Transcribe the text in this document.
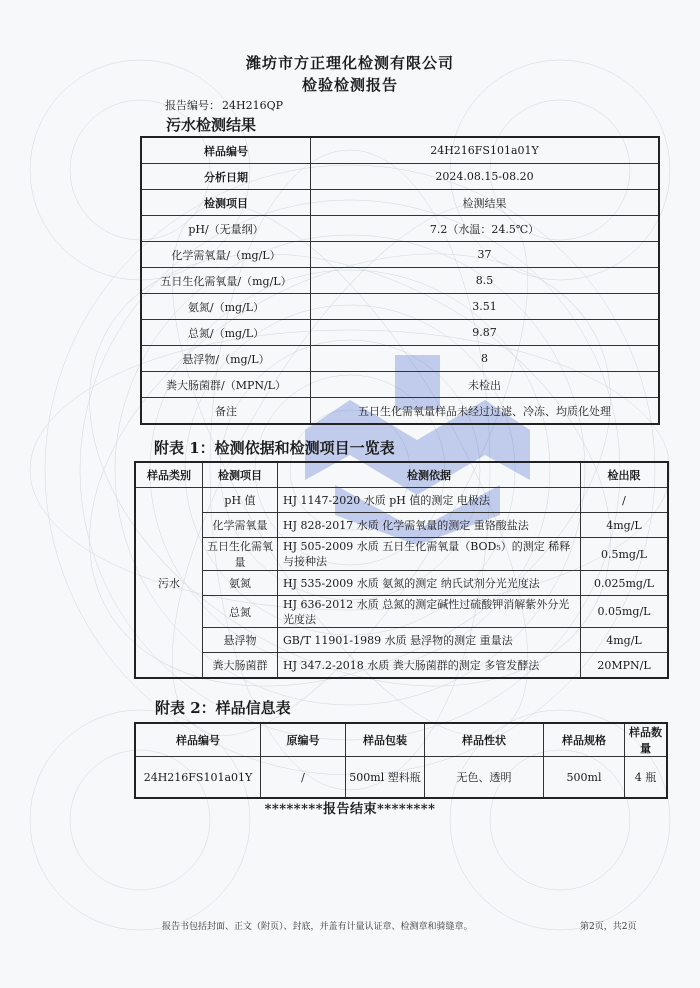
潍坊市方正理化检测有限公司
检验检测报告
报告编号： 24H216QP
污水检测结果
样品编号	24H216FS101a01Y
分析日期	2024.08.15-08.20
检测项目	检测结果
pH/（无量纲）	7.2（水温：24.5℃）
化学需氧量/（mg/L）	37
五日生化需氧量/（mg/L）	8.5
氨氮/（mg/L）	3.51
总氮/（mg/L）	9.87
悬浮物/（mg/L）	8
粪大肠菌群/（MPN/L）	未检出
备注	五日生化需氧量样品未经过过滤、冷冻、均质化处理
附表 1：检测依据和检测项目一览表
样品类别	检测项目	检测依据	检出限
污水	pH 值	HJ 1147-2020 水质 pH 值的测定 电极法	/
	化学需氧量	HJ 828-2017 水质 化学需氧量的测定 重铬酸盐法	4mg/L
	五日生化需氧量	HJ 505-2009 水质 五日生化需氧量（BOD₅）的测定 稀释与接种法	0.5mg/L
	氨氮	HJ 535-2009 水质 氨氮的测定 纳氏试剂分光光度法	0.025mg/L
	总氮	HJ 636-2012 水质 总氮的测定碱性过硫酸钾消解紫外分光光度法	0.05mg/L
	悬浮物	GB/T 11901-1989 水质 悬浮物的测定 重量法	4mg/L
	粪大肠菌群	HJ 347.2-2018 水质 粪大肠菌群的测定 多管发酵法	20MPN/L
附表 2：样品信息表
样品编号	原编号	样品包装	样品性状	样品规格	样品数量
24H216FS101a01Y	/	500ml 塑料瓶	无色、透明	500ml	4 瓶
********报告结束********
报告书包括封面、正文（附页）、封底，并盖有计量认证章、检测章和骑缝章。	第2页，共2页
